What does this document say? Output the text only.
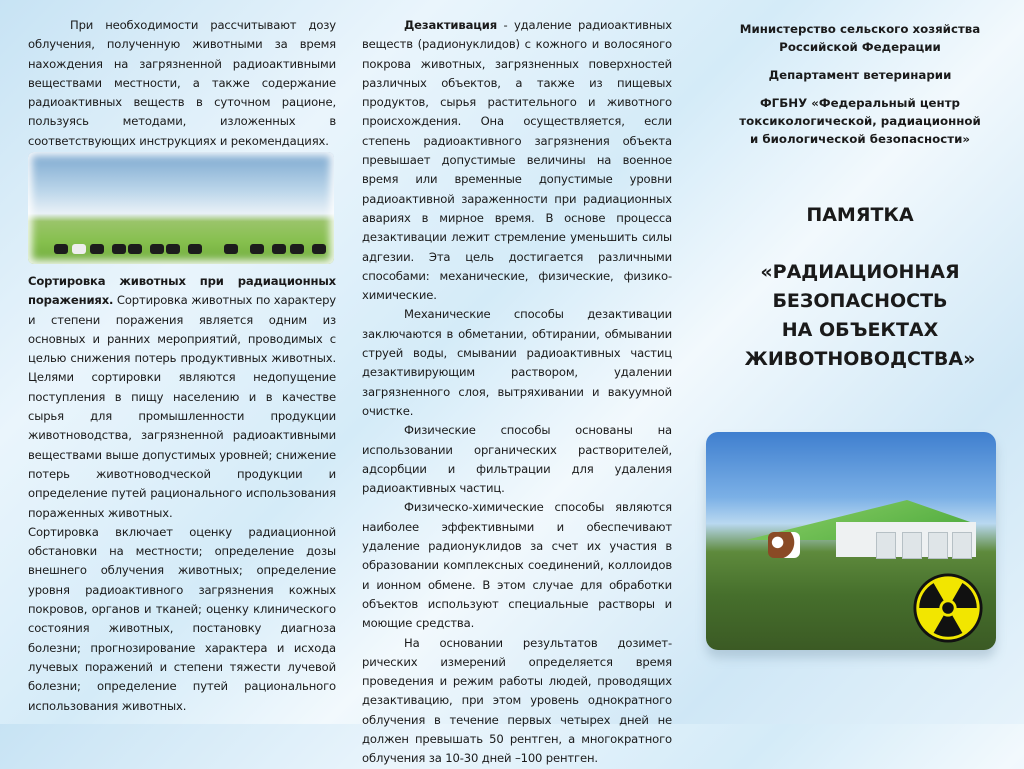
При необходимости рассчитывают дозу облучения, полученную животными за время нахождения на загрязненной радиоактивными веществами местности, а также содержание радиоактивных веществ в суточном рационе, пользуясь методами, изложенных в соответствующих инструкциях и рекомендациях.

Сортировка животных при радиационных поражениях. Сортировка животных по характеру и степени поражения является одним из основных и ранних мероприятий, проводимых с целью снижения потерь продуктивных животных. Целями сортировки являются недопущение поступления в пищу населению и в качестве сырья для промышленности продукции животноводства, загрязненной радиоактивными веществами выше допустимых уровней; снижение потерь животноводческой продукции и определение путей рационального использования пораженных животных.

Сортировка включает оценку радиационной обстановки на местности; определение дозы внешнего облучения животных; определение уровня радиоактивного загрязнения кожных покровов, органов и тканей; оценку клинического состояния животных, постановку диагноза болезни; прогнозирование характера и исхода лучевых поражений и степени тяжести лучевой болезни; определение путей рационального использования животных.

Дезактивация - удаление радиоактивных веществ (радионуклидов) с кожного и волосяного покрова животных, загрязненных поверхностей различных объектов, а также из пищевых продуктов, сырья растительного и животного происхождения. Она осуществляется, если степень радиоактивного загрязнения объекта превышает допустимые величины на военное время или временные допустимые уровни радиоактивной зараженности при радиационных авариях в мирное время. В основе процесса дезактивации лежит стремление уменьшить силы адгезии. Эта цель достигается различными способами: механические, физические, физико-химические.

Механические способы дезактивации заключаются в обметании, обтирании, обмывании струей воды, смывании радиоактивных частиц дезактивирующим раствором, удалении загрязненного слоя, вытряхивании и вакуумной очистке.

Физические способы основаны на использовании органических растворителей, адсорбции и фильтрации для удаления радиоактивных частиц.

Физическо-химические способы являются наиболее эффективными и обеспечивают удаление радионуклидов за счет их участия в образовании комплексных соединений, коллоидов и ионном обмене. В этом случае для обработки объектов используют специальные растворы и моющие средства.

На основании результатов дозимет-рических измерений определяется время проведения и режим работы людей, проводящих дезактивацию, при этом уровень однократного облучения в течение первых четырех дней не должен превышать 50 рентген, а многократного облучения за 10-30 дней –100 рентген.

Министерство сельского хозяйства
Российской Федерации
Департамент ветеринарии
ФГБНУ «Федеральный центр
токсикологической, радиационной
и биологической безопасности»
ПАМЯТКА
«РАДИАЦИОННАЯ
БЕЗОПАСНОСТЬ
НА ОБЪЕКТАХ
ЖИВОТНОВОДСТВА»
